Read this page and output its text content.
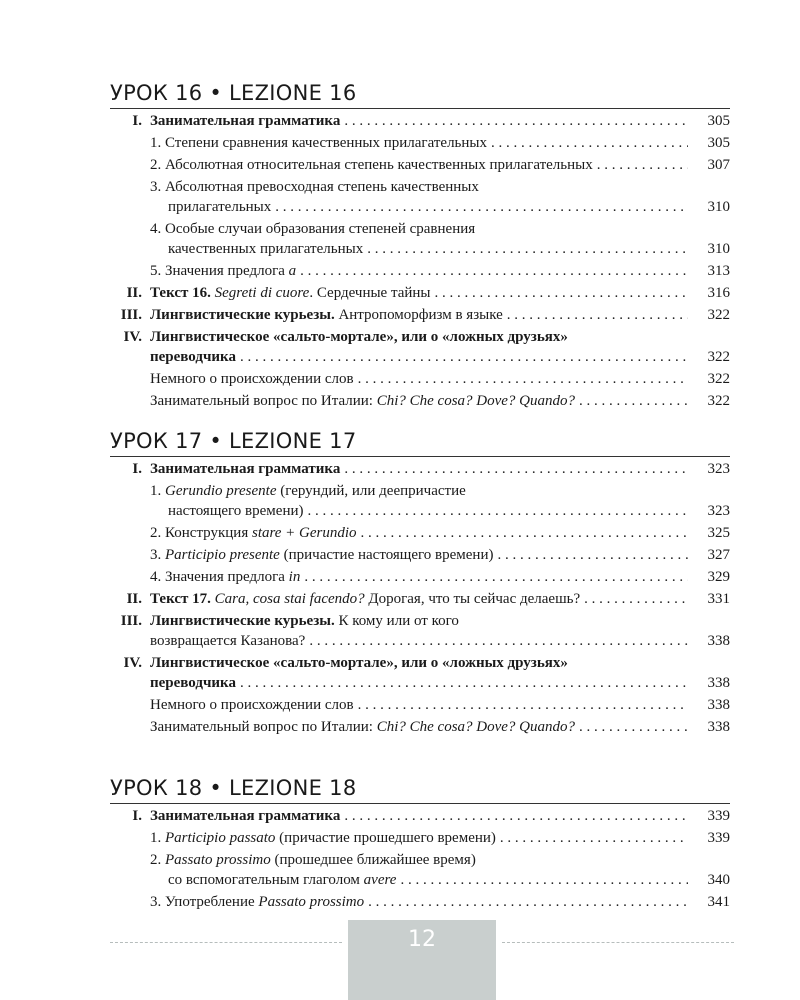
УРОК 16 • LEZIONE 16
I. Занимательная грамматика . . .	305
1. Степени сравнения качественных прилагательных . . .	305
2. Абсолютная относительная степень качественных прилагательных . . .	307
3. Абсолютная превосходная степень качественных
прилагательных . . .	310
4. Особые случаи образования степеней сравнения
качественных прилагательных . . .	310
5. Значения предлога a . . .	313
II. Текст 16. Segreti di cuore. Сердечные тайны . . .	316
III. Лингвистические курьезы. Антропоморфизм в языке . . .	322
IV. Лингвистическое «сальто-мортале», или о «ложных друзьях»
переводчика . . .	322
Немного о происхождении слов . . .	322
Занимательный вопрос по Италии: Chi? Che cosa? Dove? Quando? . . .	322
УРОК 17 • LEZIONE 17
I. Занимательная грамматика . . .	323
1. Gerundio presente (герундий, или деепричастие
настоящего времени) . . .	323
2. Конструкция stare + Gerundio . . .	325
3. Participio presente (причастие настоящего времени) . . .	327
4. Значения предлога in . . .	329
II. Текст 17. Cara, cosa stai facendo? Дорогая, что ты сейчас делаешь? . . .	331
III. Лингвистические курьезы. К кому или от кого
возвращается Казанова? . . .	338
IV. Лингвистическое «сальто-мортале», или о «ложных друзьях»
переводчика . . .	338
Немного о происхождении слов . . .	338
Занимательный вопрос по Италии: Chi? Che cosa? Dove? Quando? . . .	338
УРОК 18 • LEZIONE 18
I. Занимательная грамматика . . .	339
1. Participio passato (причастие прошедшего времени) . . .	339
2. Passato prossimo (прошедшее ближайшее время)
со вспомогательным глаголом avere . . .	340
3. Употребление Passato prossimo . . .	341
12
